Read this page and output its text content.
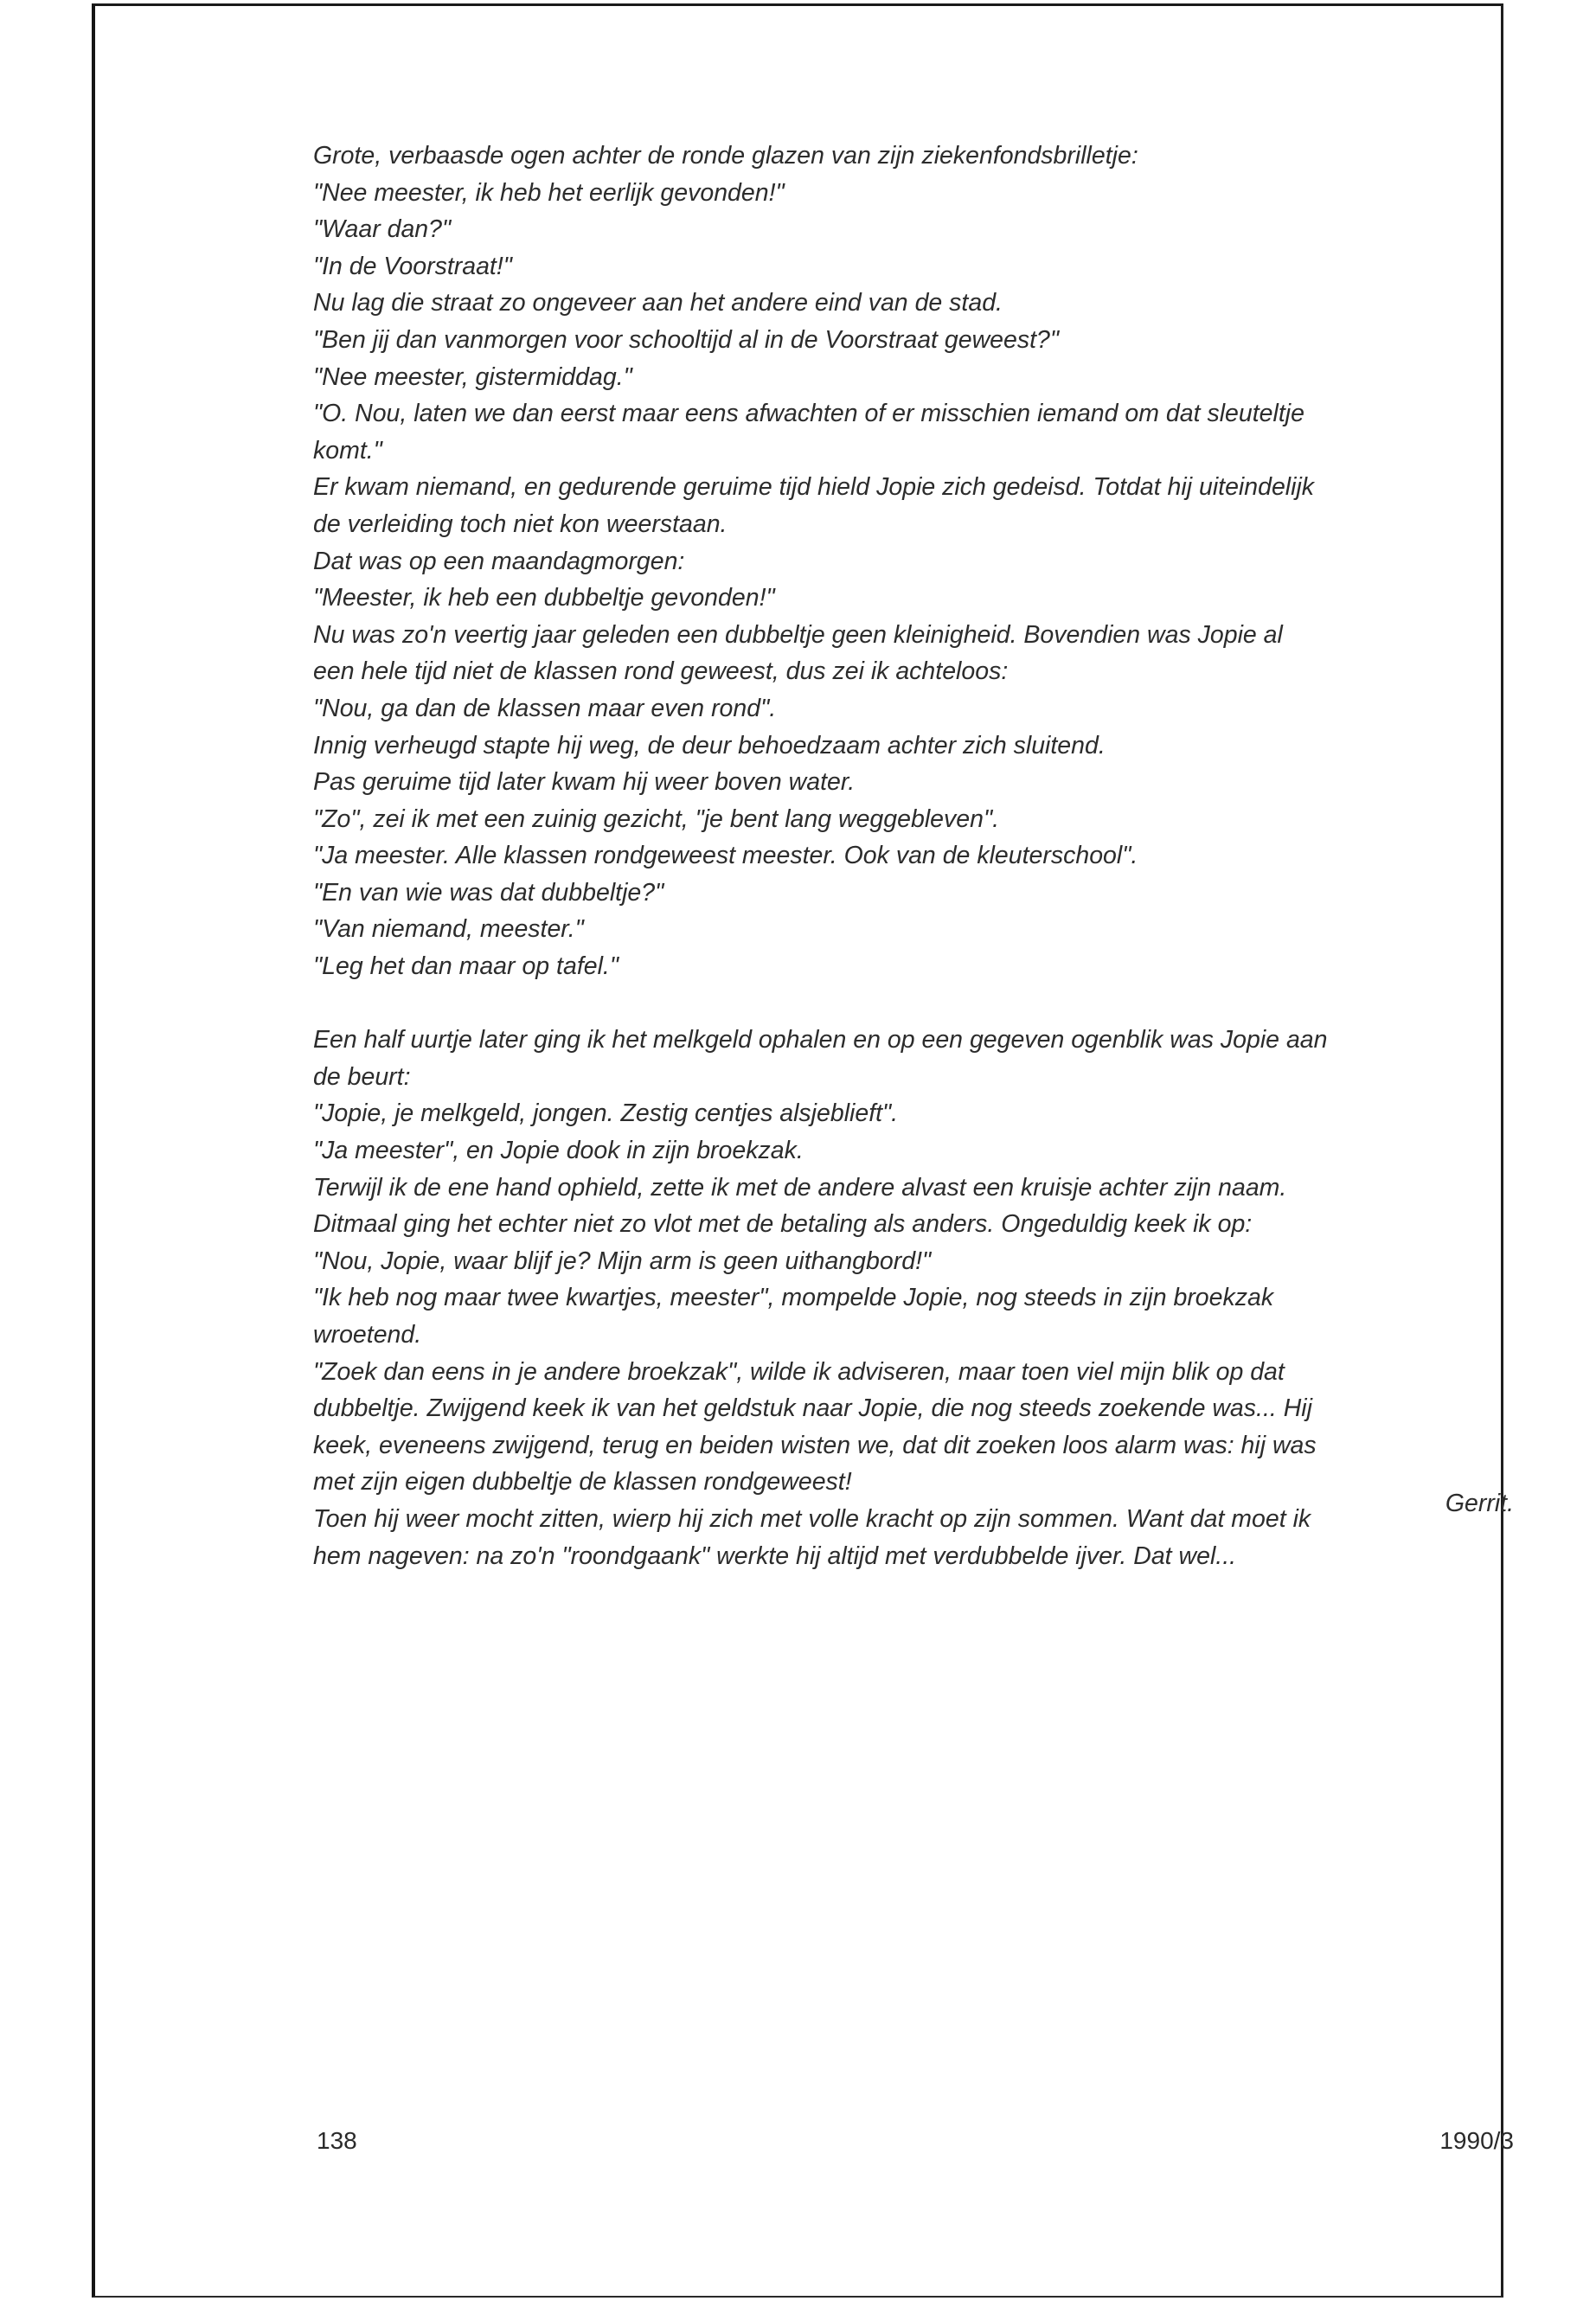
Grote, verbaasde ogen achter de ronde glazen van zijn ziekenfondsbrilletje:
"Nee meester, ik heb het eerlijk gevonden!"
"Waar dan?"
"In de Voorstraat!"
Nu lag die straat zo ongeveer aan het andere eind van de stad.
"Ben jij dan vanmorgen voor schooltijd al in de Voorstraat geweest?"
"Nee meester, gistermiddag."
"O. Nou, laten we dan eerst maar eens afwachten of er misschien iemand om dat sleuteltje
komt."
Er kwam niemand, en gedurende geruime tijd hield Jopie zich gedeisd. Totdat hij uiteindelijk
de verleiding toch niet kon weerstaan.
Dat was op een maandagmorgen:
"Meester, ik heb een dubbeltje gevonden!"
Nu was zo'n veertig jaar geleden een dubbeltje geen kleinigheid. Bovendien was Jopie al
een hele tijd niet de klassen rond geweest, dus zei ik achteloos:
"Nou, ga dan de klassen maar even rond".
Innig verheugd stapte hij weg, de deur behoedzaam achter zich sluitend.
Pas geruime tijd later kwam hij weer boven water.
"Zo", zei ik met een zuinig gezicht, "je bent lang weggebleven".
"Ja meester. Alle klassen rondgeweest meester. Ook van de kleuterschool".
"En van wie was dat dubbeltje?"
"Van niemand, meester."
"Leg het dan maar op tafel."
Een half uurtje later ging ik het melkgeld ophalen en op een gegeven ogenblik was Jopie aan
de beurt:
"Jopie, je melkgeld, jongen. Zestig centjes alsjeblieft".
"Ja meester", en Jopie dook in zijn broekzak.
Terwijl ik de ene hand ophield, zette ik met de andere alvast een kruisje achter zijn naam.
Ditmaal ging het echter niet zo vlot met de betaling als anders. Ongeduldig keek ik op:
"Nou, Jopie, waar blijf je? Mijn arm is geen uithangbord!"
"Ik heb nog maar twee kwartjes, meester", mompelde Jopie, nog steeds in zijn broekzak
wroetend.
"Zoek dan eens in je andere broekzak", wilde ik adviseren, maar toen viel mijn blik op dat
dubbeltje. Zwijgend keek ik van het geldstuk naar Jopie, die nog steeds zoekende was... Hij
keek, eveneens zwijgend, terug en beiden wisten we, dat dit zoeken loos alarm was: hij was
met zijn eigen dubbeltje de klassen rondgeweest!
Toen hij weer mocht zitten, wierp hij zich met volle kracht op zijn sommen. Want dat moet ik
hem nageven: na zo'n "roondgaank" werkte hij altijd met verdubbelde ijver. Dat wel...
Gerrit.
138	1990/3
